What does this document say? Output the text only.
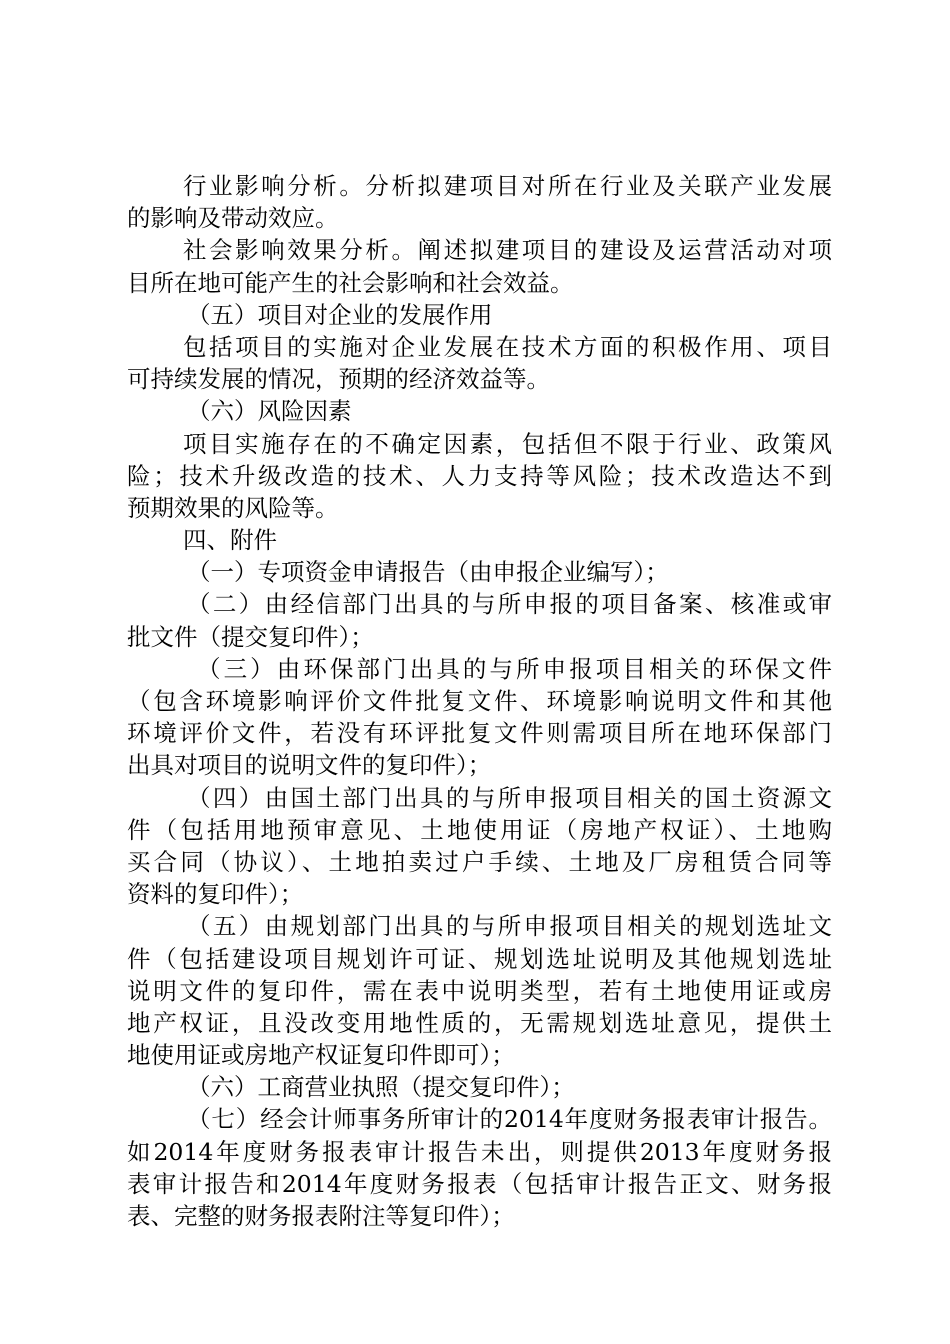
行业影响分析。分析拟建项目对所在行业及关联产业发展
的影响及带动效应。
社会影响效果分析。阐述拟建项目的建设及运营活动对项
目所在地可能产生的社会影响和社会效益。
（五）项目对企业的发展作用
包括项目的实施对企业发展在技术方面的积极作用、项目
可持续发展的情况，预期的经济效益等。
（六）风险因素
项目实施存在的不确定因素，包括但不限于行业、政策风
险；技术升级改造的技术、人力支持等风险；技术改造达不到
预期效果的风险等。
四、附件
（一）专项资金申请报告（由申报企业编写）；
（二）由经信部门出具的与所申报的项目备案、核准或审
批文件（提交复印件）；
（三）由环保部门出具的与所申报项目相关的环保文件
（包含环境影响评价文件批复文件、环境影响说明文件和其他
环境评价文件，若没有环评批复文件则需项目所在地环保部门
出具对项目的说明文件的复印件）；
（四）由国土部门出具的与所申报项目相关的国土资源文
件（包括用地预审意见、土地使用证（房地产权证）、土地购
买合同（协议）、土地拍卖过户手续、土地及厂房租赁合同等
资料的复印件）；
（五）由规划部门出具的与所申报项目相关的规划选址文
件（包括建设项目规划许可证、规划选址说明及其他规划选址
说明文件的复印件，需在表中说明类型，若有土地使用证或房
地产权证，且没改变用地性质的，无需规划选址意见，提供土
地使用证或房地产权证复印件即可）；
（六）工商营业执照（提交复印件）；
（七）经会计师事务所审计的2014年度财务报表审计报告。
如2014年度财务报表审计报告未出，则提供2013年度财务报
表审计报告和2014年度财务报表（包括审计报告正文、财务报
表、完整的财务报表附注等复印件）；
